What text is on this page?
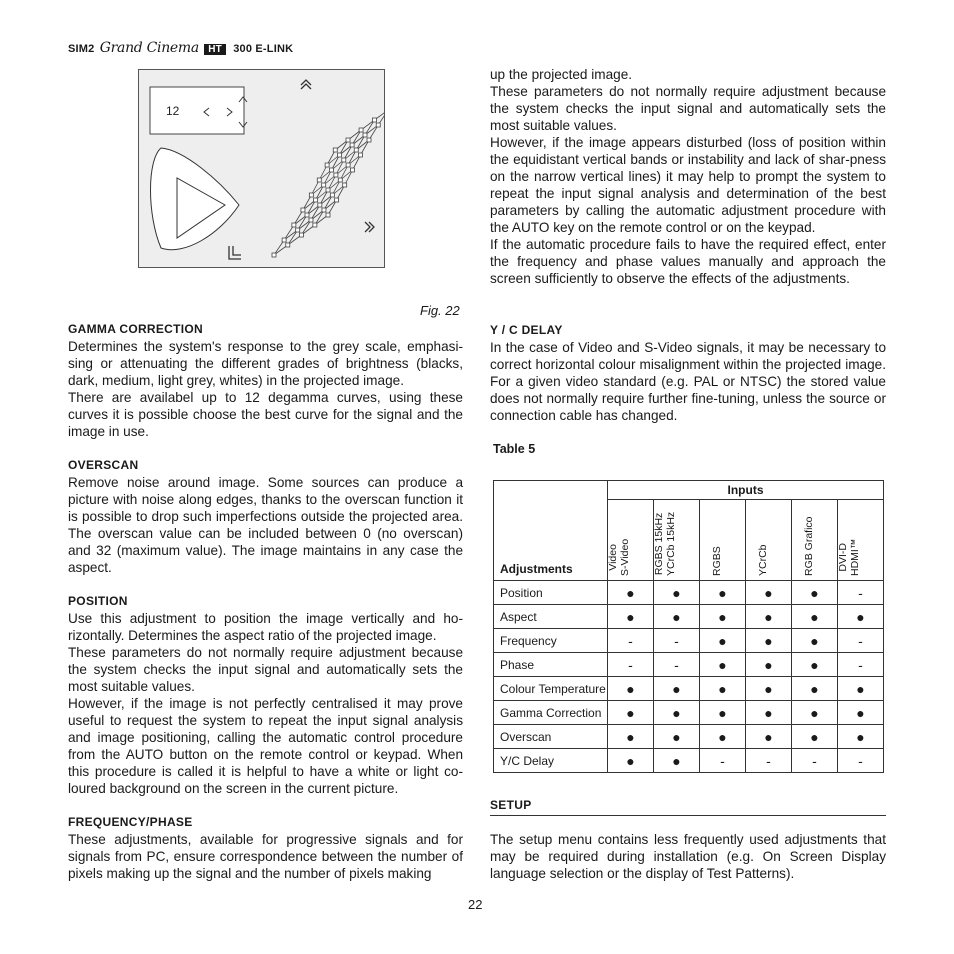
SIM2 Grand Cinema HT 300 E-LINK
12
Fig. 22
GAMMA CORRECTION

Determines the system's response to the grey scale, emphasi-sing or attenuating the different grades of brightness (blacks, dark, medium, light grey, whites) in the projected image.

There are availabel up to 12 degamma curves, using these curves it is possible choose the best curve for the signal and the image in use.

OVERSCAN

Remove noise around image. Some sources can produce a picture with noise along edges, thanks to the overscan function it is possible to drop such imperfections outside the projected area. The overscan value can be included between 0 (no overscan) and 32 (maximum value). The image maintains in any case the aspect.

POSITION

Use this adjustment to position the image vertically and ho-rizontally. Determines the aspect ratio of the projected image.

These parameters do not normally require adjustment because the system checks the input signal and automatically sets the most suitable values.

However, if the image is not perfectly centralised it may prove useful to request the system to repeat the input signal analysis and image positioning, calling the automatic control procedure from the AUTO button on the remote control or keypad. When this procedure is called it is helpful to have a white or light co-loured background on the screen in the current picture.

FREQUENCY/PHASE

These adjustments, available for progressive signals and for signals from PC, ensure correspondence between the number of pixels making up the signal and the number of pixels making

up the projected image.

These parameters do not normally require adjustment because the system checks the input signal and automatically sets the most suitable values.

However, if the image appears disturbed (loss of position within the equidistant vertical bands or instability and lack of shar-pness on the narrow vertical lines) it may help to prompt the system to repeat the input signal analysis and determination of the best parameters by calling the automatic adjustment procedure with the AUTO key on the remote control or on the keypad.

If the automatic procedure fails to have the required effect, enter the frequency and phase values manually and approach the screen sufficiently to observe the effects of the adjustments.

Y / C DELAY

In the case of Video and S-Video signals, it may be necessary to correct horizontal colour misalignment within the projected image. For a given video standard (e.g. PAL or NTSC) the stored value does not normally require further fine-tuning, unless the source or connection cable has changed.

Table 5
Adjustments	Inputs					

	Video S-Video	RGBS 15kHz YCrCb 15kHz	RGBS	YCrCb	RGB Grafico	DVI-D HDMI™

Position	●	●	●	●	●	-
Aspect	●	●	●	●	●	●
Frequency	-	-	●	●	●	-
Phase	-	-	●	●	●	-
Colour Temperature	●	●	●	●	●	●
Gamma Correction	●	●	●	●	●	●
Overscan	●	●	●	●	●	●
Y/C Delay	●	●	-	-	-	-
SETUP

The setup menu contains less frequently used adjustments that may be required during installation (e.g. On Screen Display language selection or the display of Test Patterns).

22
